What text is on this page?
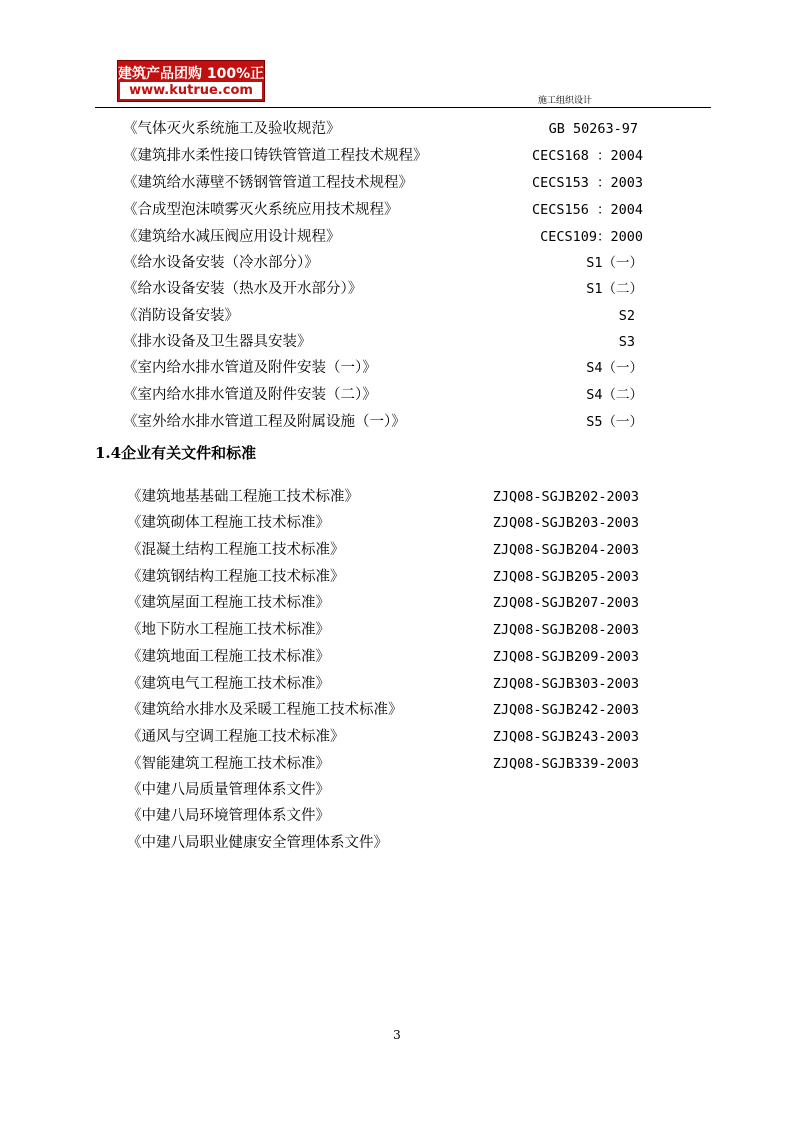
建筑产品团购 100%正品
www.kutrue.com
施工组织设计
《气体灭火系统施工及验收规范》	GB 50263-97
《建筑排水柔性接口铸铁管管道工程技术规程》	CECS168 ：2004
《建筑给水薄壁不锈钢管管道工程技术规程》	CECS153 ：2003
《合成型泡沫喷雾灭火系统应用技术规程》	CECS156 ：2004
《建筑给水减压阀应用设计规程》	CECS109：2000
《给水设备安装（冷水部分）》	S1（一）
《给水设备安装（热水及开水部分）》	S1（二）
《消防设备安装》	S2
《排水设备及卫生器具安装》	S3
《室内给水排水管道及附件安装（一）》	S4（一）
《室内给水排水管道及附件安装（二）》	S4（二）
《室外给水排水管道工程及附属设施（一）》	S5（一）
1.4企业有关文件和标准
《建筑地基基础工程施工技术标准》	ZJQ08-SGJB202-2003
《建筑砌体工程施工技术标准》	ZJQ08-SGJB203-2003
《混凝土结构工程施工技术标准》	ZJQ08-SGJB204-2003
《建筑钢结构工程施工技术标准》	ZJQ08-SGJB205-2003
《建筑屋面工程施工技术标准》	ZJQ08-SGJB207-2003
《地下防水工程施工技术标准》	ZJQ08-SGJB208-2003
《建筑地面工程施工技术标准》	ZJQ08-SGJB209-2003
《建筑电气工程施工技术标准》	ZJQ08-SGJB303-2003
《建筑给水排水及采暖工程施工技术标准》	ZJQ08-SGJB242-2003
《通风与空调工程施工技术标准》	ZJQ08-SGJB243-2003
《智能建筑工程施工技术标准》	ZJQ08-SGJB339-2003
《中建八局质量管理体系文件》
《中建八局环境管理体系文件》
《中建八局职业健康安全管理体系文件》
3
